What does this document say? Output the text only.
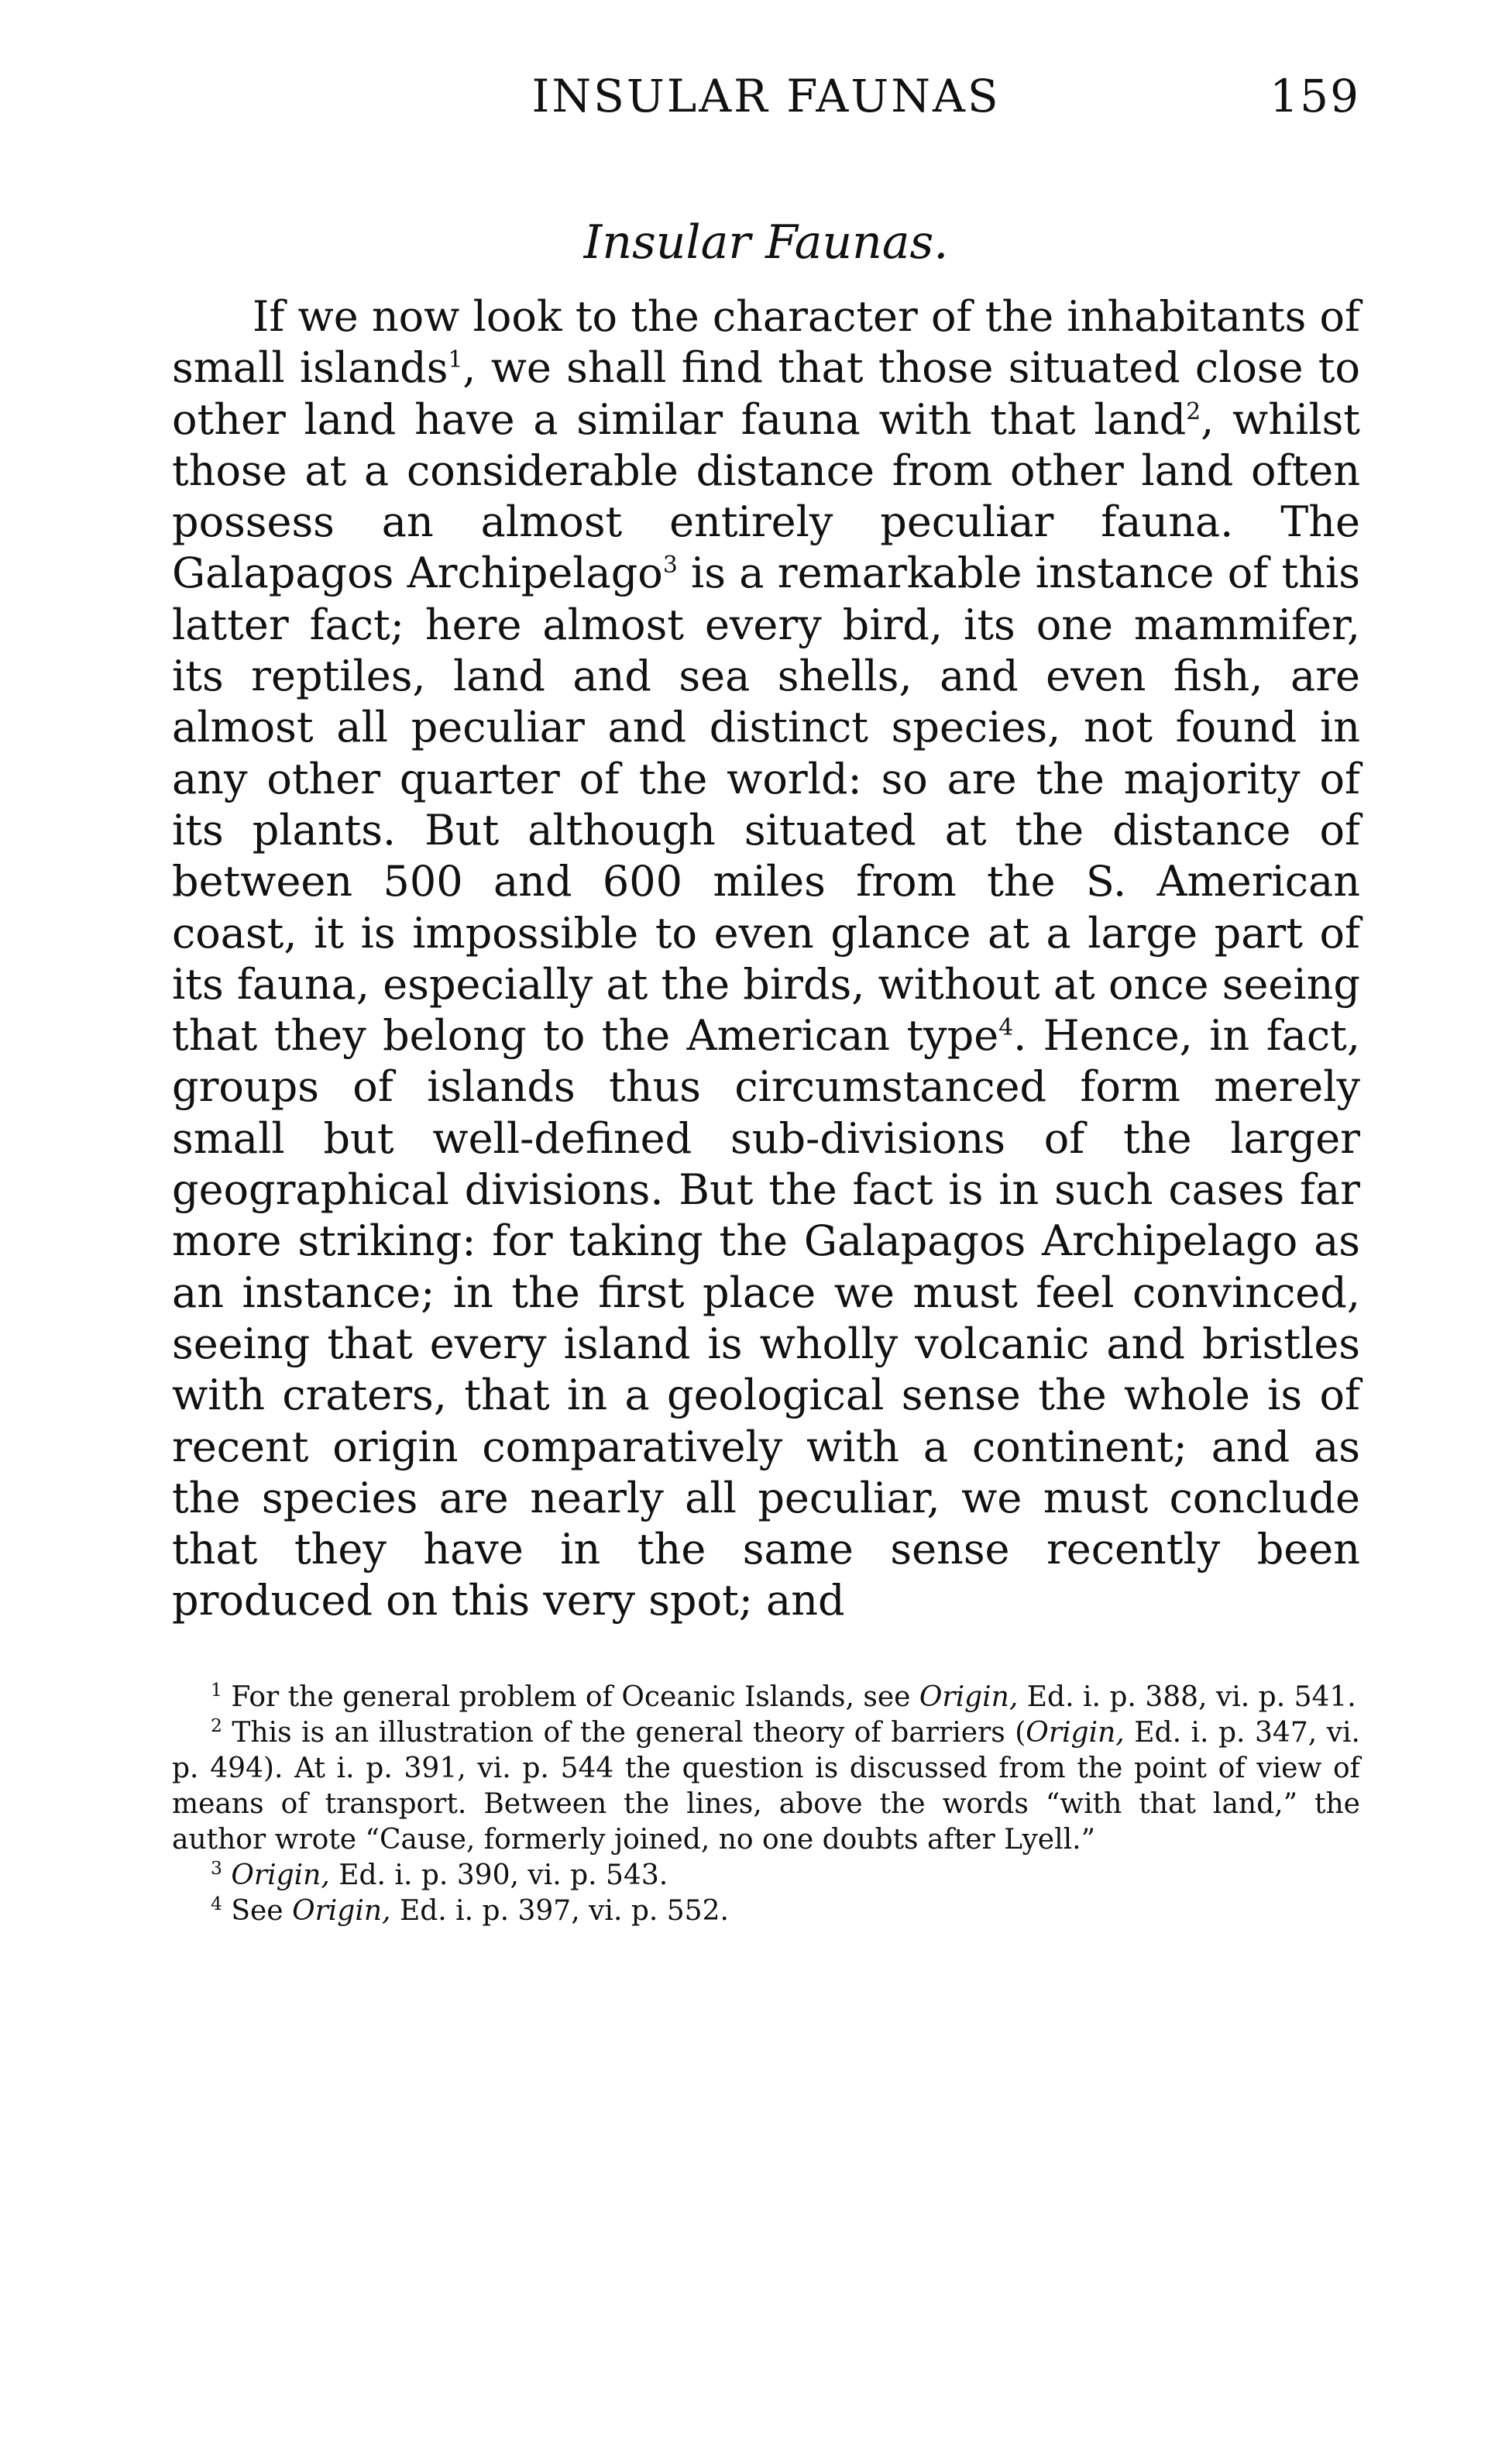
INSULAR FAUNAS	159
Insular Faunas.

If we now look to the character of the inhabitants of small islands$^1$, we shall find that those situated close to other land have a similar fauna with that land$^2$, whilst those at a considerable distance from other land often possess an almost entirely peculiar fauna. The Galapagos Archipelago$^3$ is a remarkable instance of this latter fact; here almost every bird, its one mammifer, its reptiles, land and sea shells, and even fish, are almost all peculiar and distinct species, not found in any other quarter of the world: so are the majority of its plants. But although situated at the distance of between 500 and 600 miles from the S. American coast, it is impossible to even glance at a large part of its fauna, especially at the birds, without at once seeing that they belong to the American type$^4$. Hence, in fact, groups of islands thus circumstanced form merely small but well-defined sub-divisions of the larger geographical divisions. But the fact is in such cases far more striking: for taking the Galapagos Archipelago as an instance; in the first place we must feel convinced, seeing that every island is wholly volcanic and bristles with craters, that in a geological sense the whole is of recent origin comparatively with a continent; and as the species are nearly all peculiar, we must conclude that they have in the same sense recently been produced on this very spot; and

$^1$ For the general problem of Oceanic Islands, see Origin, Ed. i. p. 388, vi. p. 541.

$^2$ This is an illustration of the general theory of barriers (Origin, Ed. i. p. 347, vi. p. 494). At i. p. 391, vi. p. 544 the question is discussed from the point of view of means of transport. Between the lines, above the words “with that land,” the author wrote “Cause, formerly joined, no one doubts after Lyell.”

$^3$ Origin, Ed. i. p. 390, vi. p. 543.

$^4$ See Origin, Ed. i. p. 397, vi. p. 552.
